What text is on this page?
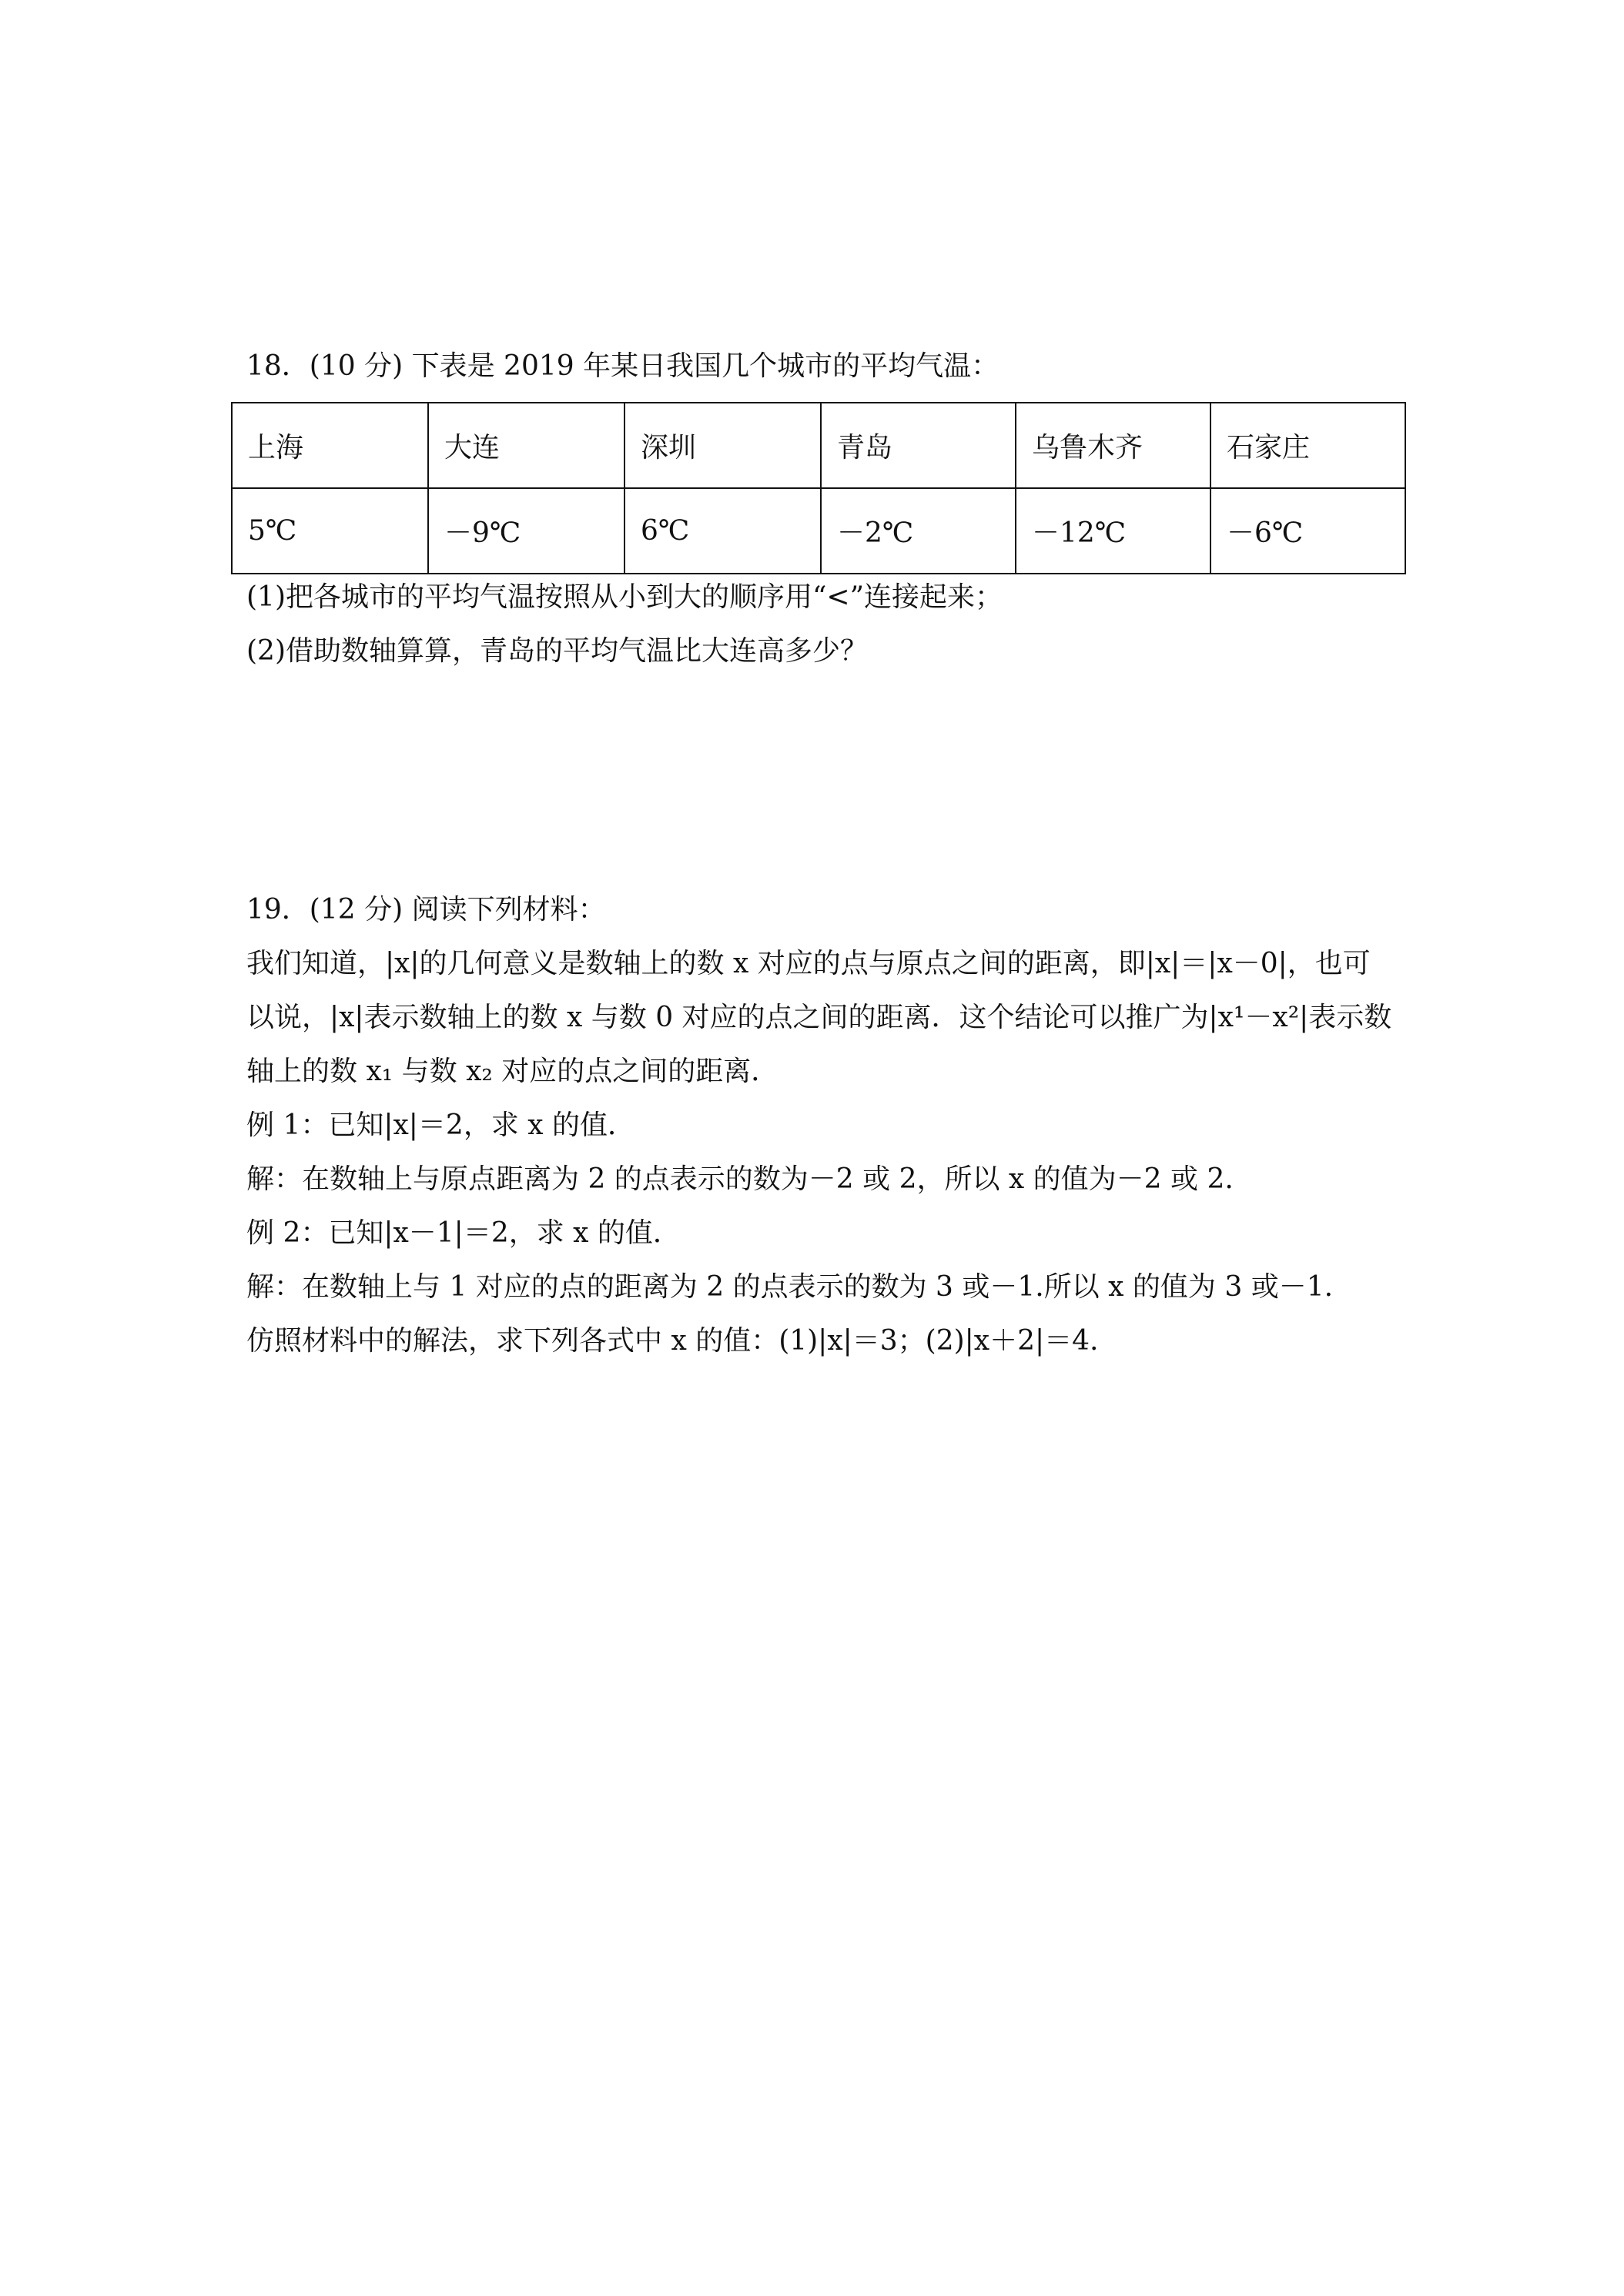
18．(10 分) 下表是 2019 年某日我国几个城市的平均气温：
上海	大连	深圳	青岛	乌鲁木齐	石家庄
5℃	－9℃	6℃	－2℃	－12℃	－6℃
(1)把各城市的平均气温按照从小到大的顺序用“<”连接起来；
(2)借助数轴算算，青岛的平均气温比大连高多少？
19．(12 分) 阅读下列材料：
我们知道，|x|的几何意义是数轴上的数 x 对应的点与原点之间的距离，即|x|＝|x－0|，也可
以说，|x|表示数轴上的数 x 与数 0 对应的点之间的距离．这个结论可以推广为|x¹－x²|表示数
轴上的数 x₁ 与数 x₂ 对应的点之间的距离．
例 1：已知|x|＝2，求 x 的值．
解：在数轴上与原点距离为 2 的点表示的数为－2 或 2，所以 x 的值为－2 或 2.
例 2：已知|x－1|＝2，求 x 的值．
解：在数轴上与 1 对应的点的距离为 2 的点表示的数为 3 或－1.所以 x 的值为 3 或－1.
仿照材料中的解法，求下列各式中 x 的值：(1)|x|＝3；(2)|x＋2|＝4.
